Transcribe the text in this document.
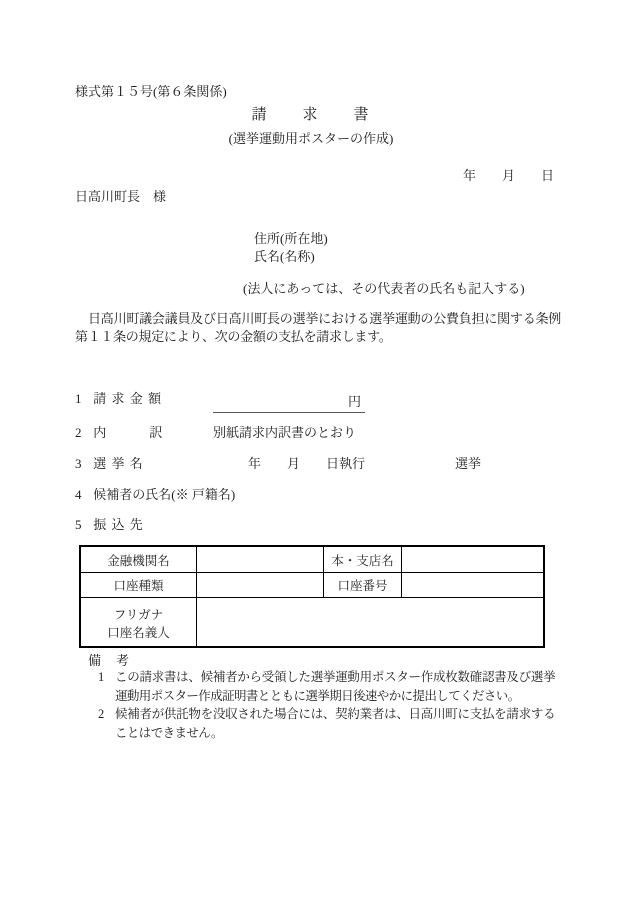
様式第１５号(第６条関係)
請　　求　　書
(選挙運動用ポスターの作成)
年　　月　　日
日高川町長　様
住所(所在地)
氏名(名称)
(法人にあっては、その代表者の氏名も記入する)
日高川町議会議員及び日高川町長の選挙における選挙運動の公費負担に関する条例第１１条の規定により、次の金額の支払を請求します。
1 請 求 金 額	円
2 内　　　訳	別紙請求内訳書のとおり
3 選 挙 名	年　　月　　日執行	選挙
4 候補者の氏名(※ 戸籍名)
5 振 込 先
金融機関名	本・支店名
口座種類	口座番号
フリガナ
口座名義人
備　考
1 この請求書は、候補者から受領した選挙運動用ポスター作成枚数確認書及び選挙運動用ポスター作成証明書とともに選挙期日後速やかに提出してください。
2 候補者が供託物を没収された場合には、契約業者は、日高川町に支払を請求することはできません。
